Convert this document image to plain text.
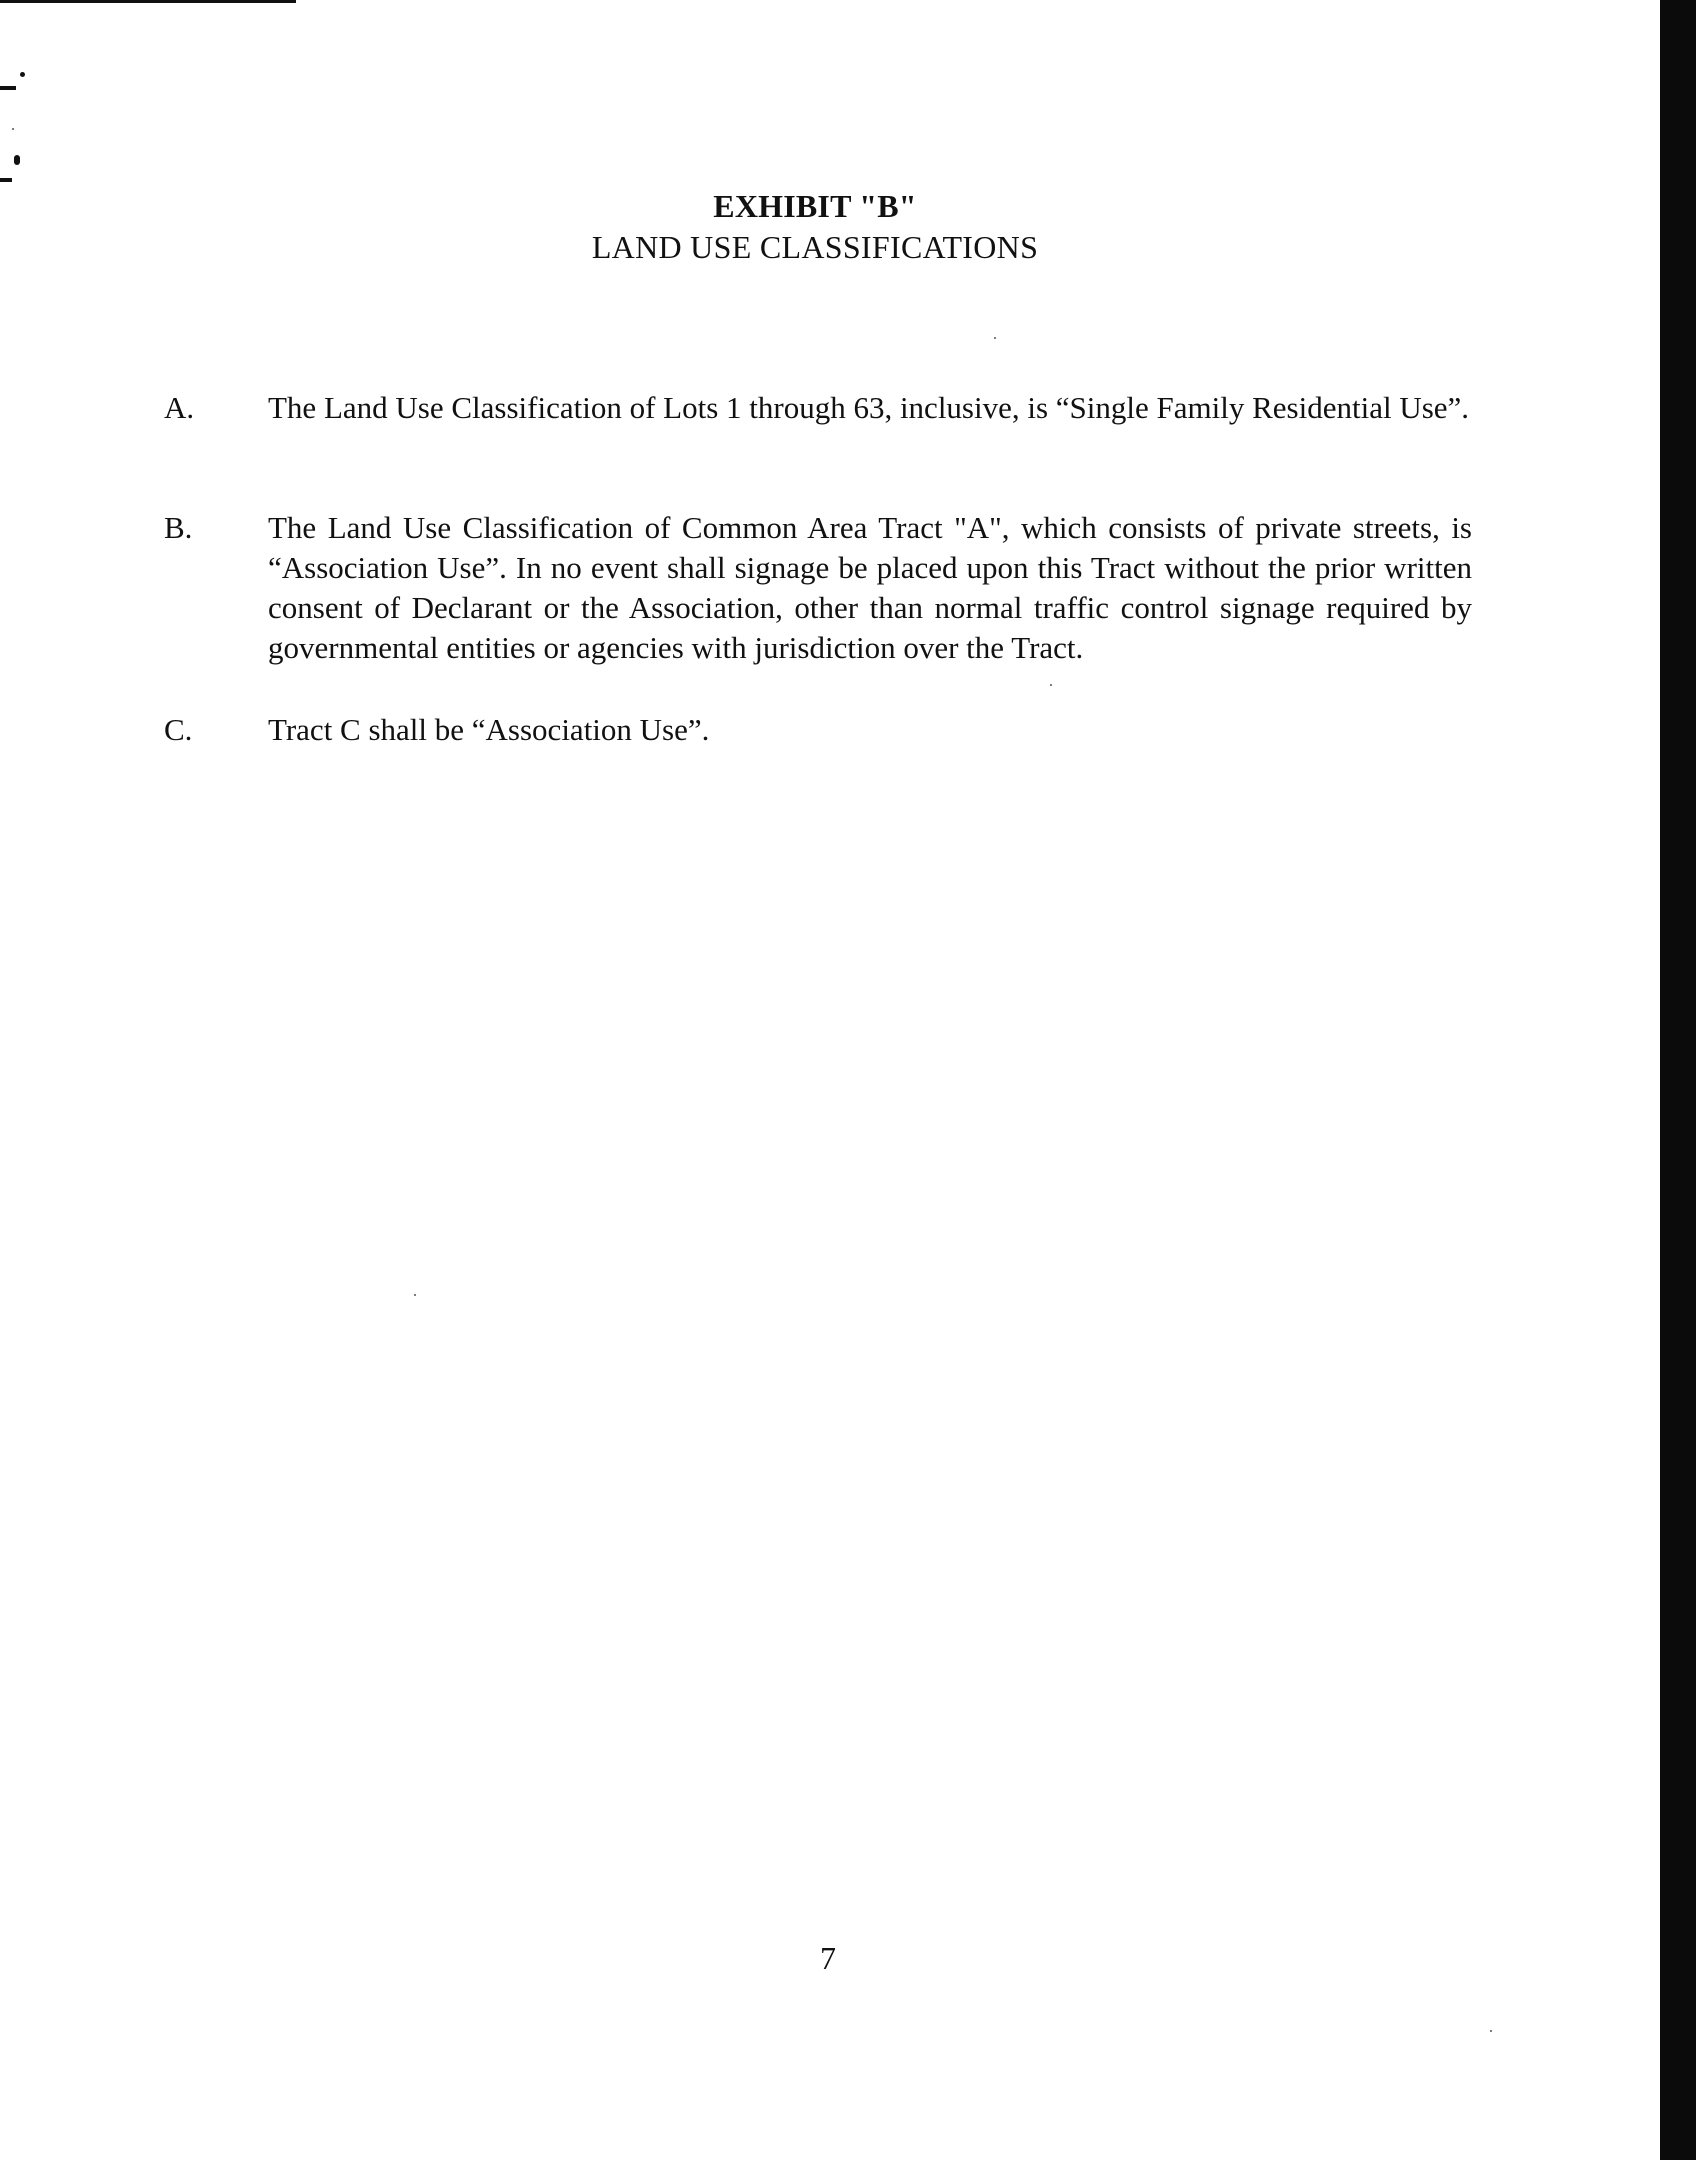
EXHIBIT "B"
LAND USE CLASSIFICATIONS
A. The Land Use Classification of Lots 1 through 63, inclusive, is “Single Family Residential Use”.
B. The Land Use Classification of Common Area Tract "A", which consists of private streets, is “Association Use”. In no event shall signage be placed upon this Tract without the prior written consent of Declarant or the Association, other than normal traffic control signage required by governmental entities or agencies with jurisdiction over the Tract.
C. Tract C shall be “Association Use”.
7
